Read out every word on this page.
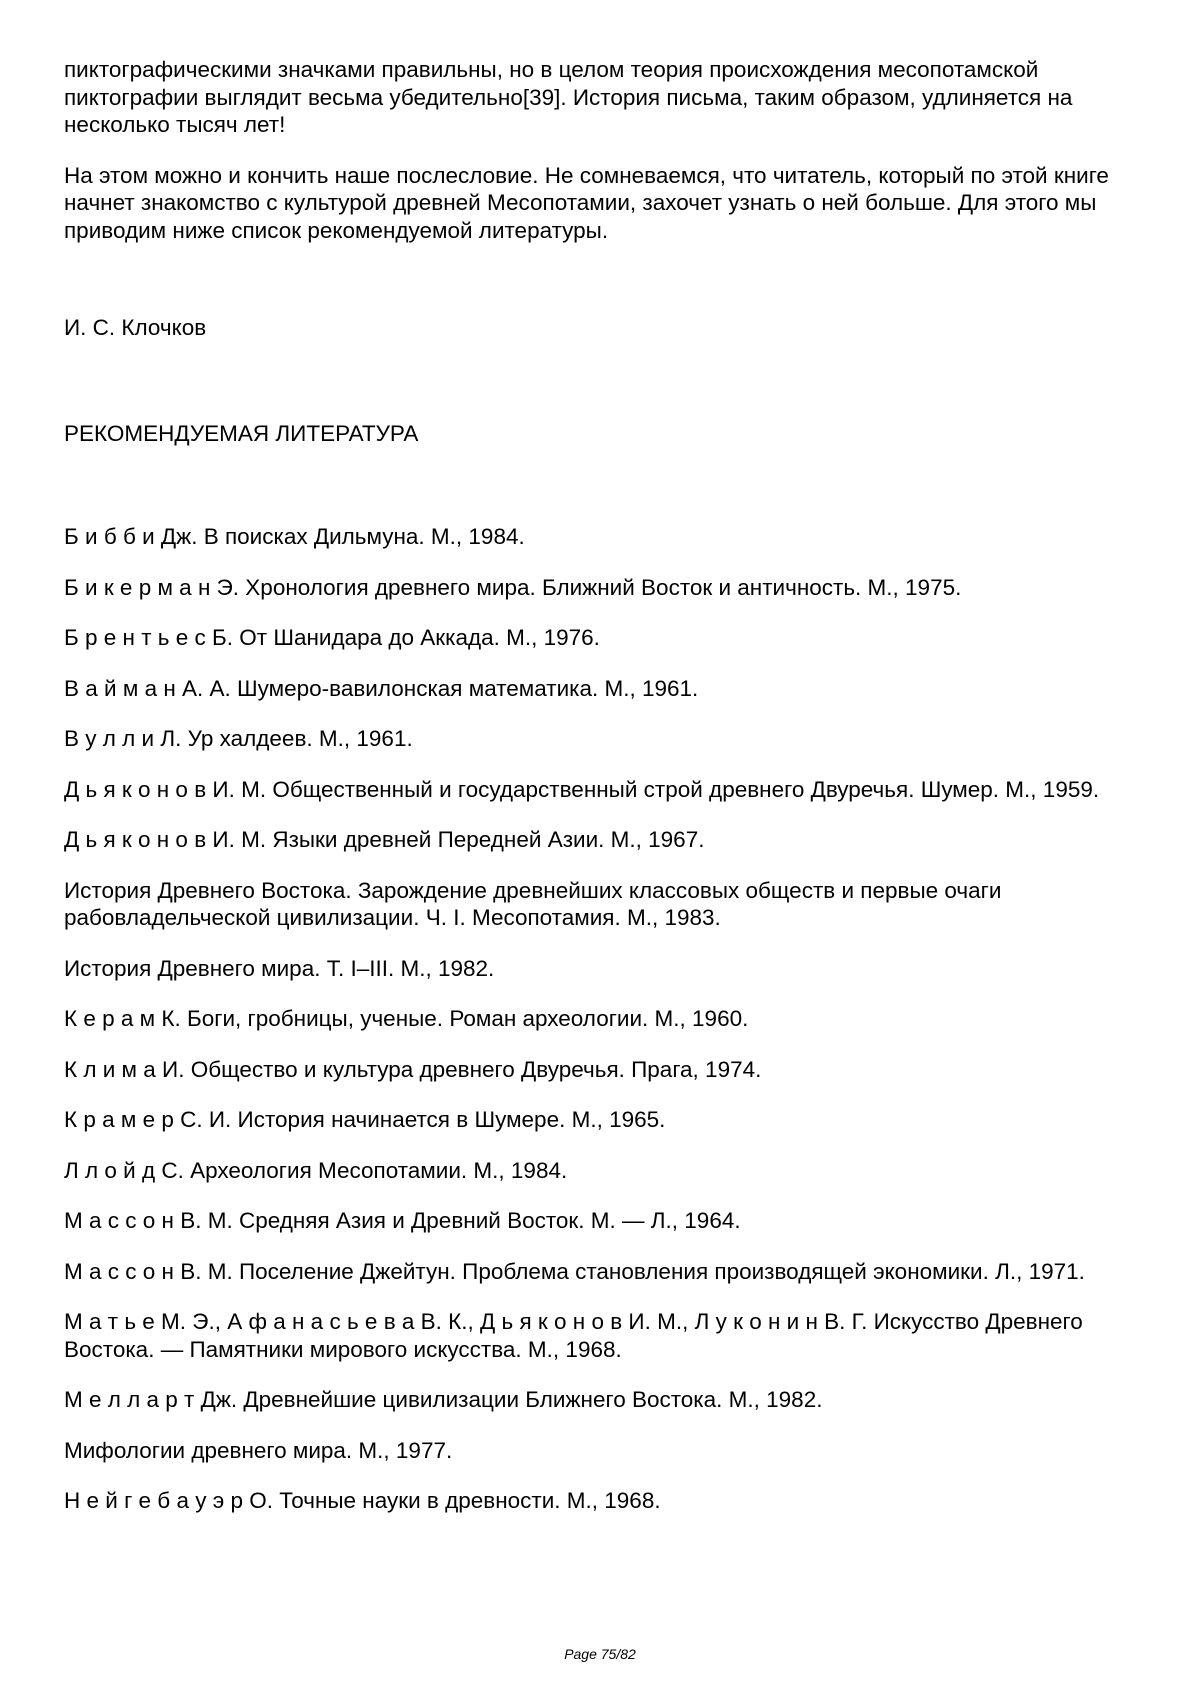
пиктографическими значками правильны, но в целом теория происхождения месопотамской пиктографии выглядит весьма убедительно[39]. История письма, таким образом, удлиняется на несколько тысяч лет!

На этом можно и кончить наше послесловие. Не сомневаемся, что читатель, который по этой книге начнет знакомство с культурой древней Месопотамии, захочет узнать о ней больше. Для этого мы приводим ниже список рекомендуемой литературы.

И. С. Клочков

РЕКОМЕНДУЕМАЯ ЛИТЕРАТУРА

Б и б б и Дж. В поисках Дильмуна. М., 1984.

Б и к е р м а н Э. Хронология древнего мира. Ближний Восток и античность. М., 1975.

Б р е н т ь е с Б. От Шанидара до Аккада. М., 1976.

В а й м а н А. А. Шумеро-вавилонская математика. М., 1961.

В у л л и Л. Ур халдеев. М., 1961.

Д ь я к о н о в И. М. Общественный и государственный строй древнего Двуречья. Шумер. М., 1959.

Д ь я к о н о в И. М. Языки древней Передней Азии. М., 1967.

История Древнего Востока. Зарождение древнейших классовых обществ и первые очаги рабовладельческой цивилизации. Ч. I. Месопотамия. М., 1983.

История Древнего мира. Т. I–III. М., 1982.

К е р а м К. Боги, гробницы, ученые. Роман археологии. М., 1960.

К л и м а И. Общество и культура древнего Двуречья. Прага, 1974.

К р а м е р С. И. История начинается в Шумере. М., 1965.

Л л о й д С. Археология Месопотамии. М., 1984.

М а с с о н В. М. Средняя Азия и Древний Восток. М. — Л., 1964.

М а с с о н В. М. Поселение Джейтун. Проблема становления производящей экономики. Л., 1971.

М а т ь е М. Э., А ф а н а с ь е в а В. К., Д ь я к о н о в И. М., Л у к о н и н В. Г. Искусство Древнего Востока. — Памятники мирового искусства. М., 1968.

М е л л а р т Дж. Древнейшие цивилизации Ближнего Востока. М., 1982.

Мифологии древнего мира. М., 1977.

Н е й г е б а у э р О. Точные науки в древности. М., 1968.

Page 75/82
